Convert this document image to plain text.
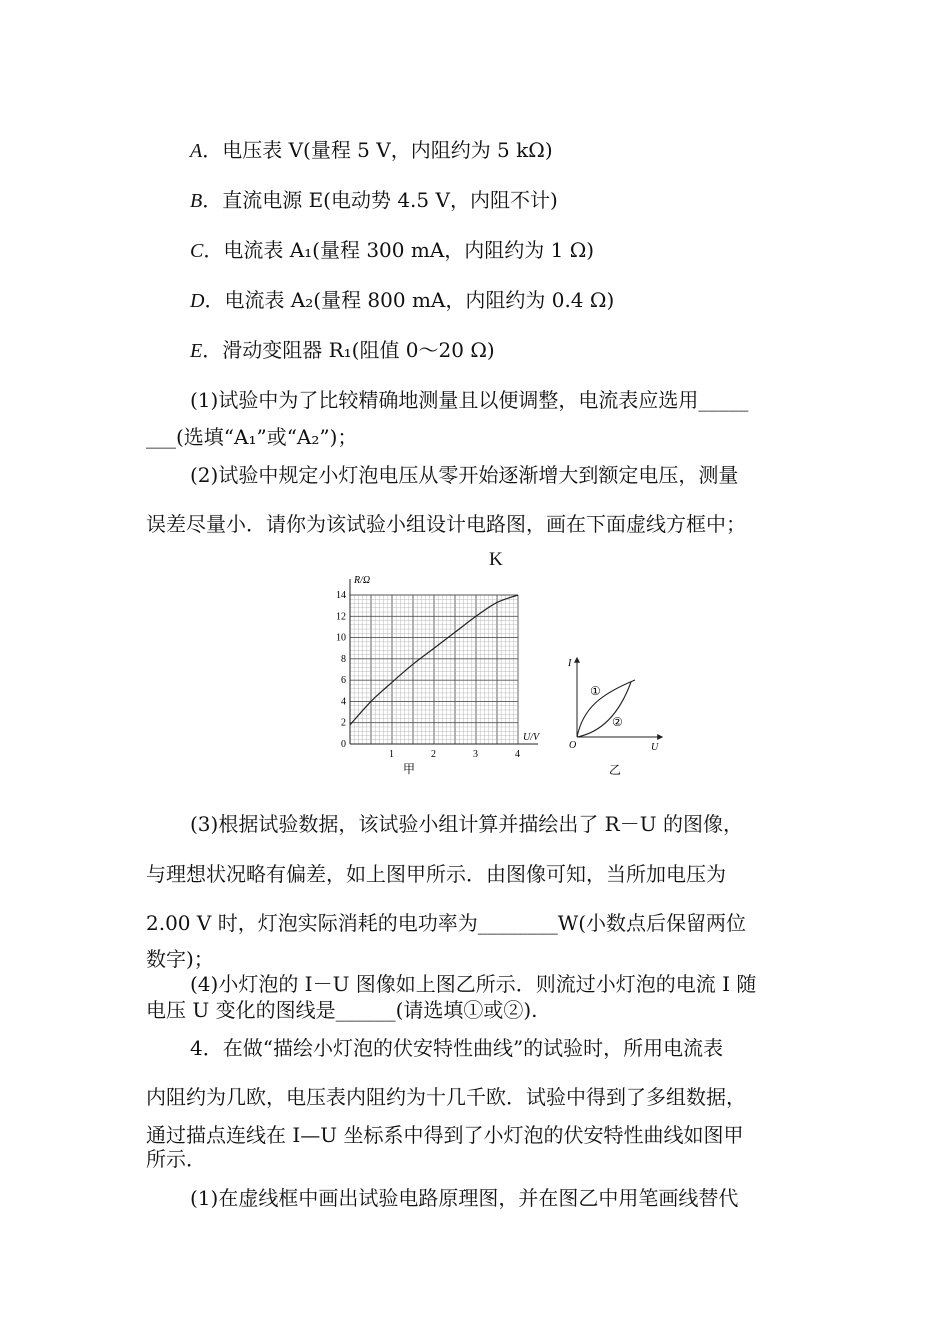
A．电压表 V(量程 5 V，内阻约为 5 kΩ)
B．直流电源 E(电动势 4.5 V，内阻不计)
C．电流表 A₁(量程 300 mA，内阻约为 1 Ω)
D．电流表 A₂(量程 800 mA，内阻约为 0.4 Ω)
E．滑动变阻器 R₁(阻值 0～20 Ω)
(1)试验中为了比较精确地测量且以便调整，电流表应选用_____
___(选填“A₁”或“A₂”)；
(2)试验中规定小灯泡电压从零开始逐渐增大到额定电压，测量
误差尽量小．请你为该试验小组设计电路图，画在下面虚线方框中；
K
1	2	3	4
0
2
4
6
8
10
12
14
R/Ω
U/V
甲
I
U
O
①
②
乙
(3)根据试验数据，该试验小组计算并描绘出了 R－U 的图像，
与理想状况略有偏差，如上图甲所示．由图像可知，当所加电压为
2.00 V 时，灯泡实际消耗的电功率为________W(小数点后保留两位
数字)；
(4)小灯泡的 I－U 图像如上图乙所示．则流过小灯泡的电流 I 随
电压 U 变化的图线是______(请选填①或②).
4．在做“描绘小灯泡的伏安特性曲线”的试验时，所用电流表
内阻约为几欧，电压表内阻约为十几千欧．试验中得到了多组数据，
通过描点连线在 I—U 坐标系中得到了小灯泡的伏安特性曲线如图甲
所示．
(1)在虚线框中画出试验电路原理图，并在图乙中用笔画线替代
